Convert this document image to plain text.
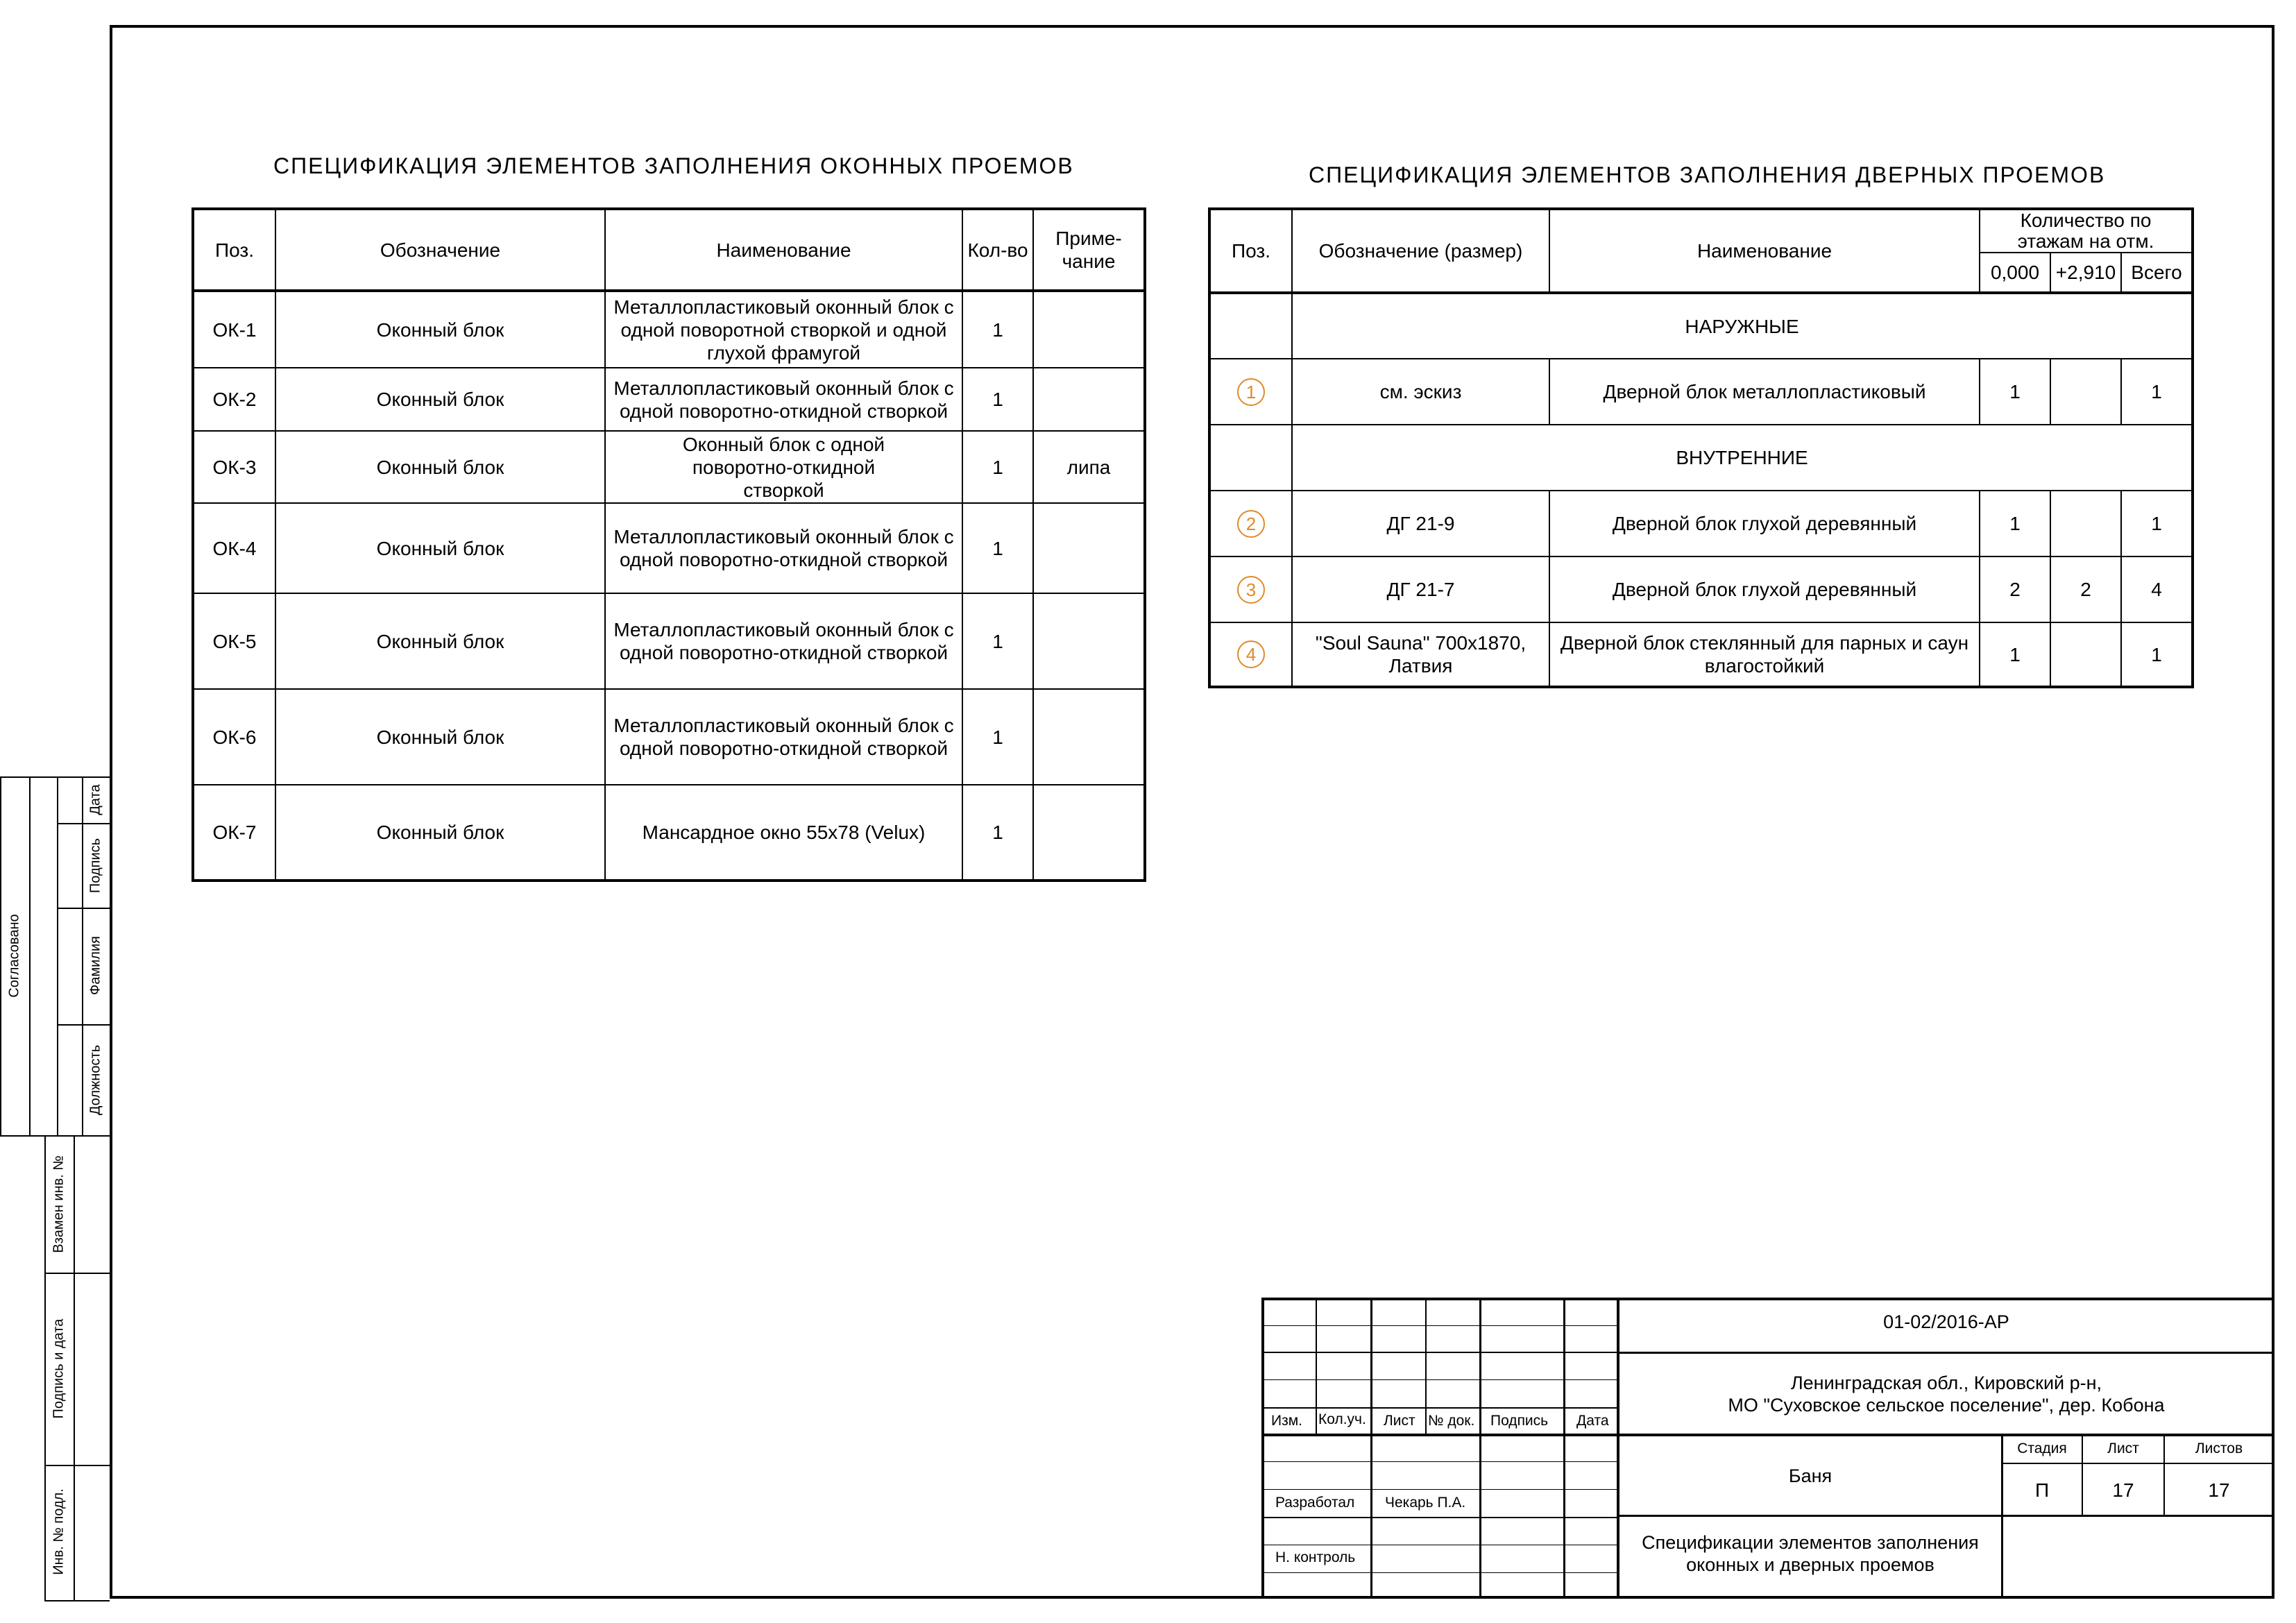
СПЕЦИФИКАЦИЯ ЭЛЕМЕНТОВ ЗАПОЛНЕНИЯ ОКОННЫХ ПРОЕМОВ
Поз.	Обозначение	Наименование	Кол-во	Приме-
чание
ОК-1	Оконный блок	Металлопластиковый оконный блок с одной поворотной створкой и одной глухой фрамугой	1	
ОК-2	Оконный блок	Металлопластиковый оконный блок с одной поворотно-откидной створкой	1	
ОК-3	Оконный блок	Оконный блок с одной поворотно-откидной створкой	1	липа
ОК-4	Оконный блок	Металлопластиковый оконный блок с одной поворотно-откидной створкой	1	
ОК-5	Оконный блок	Металлопластиковый оконный блок с одной поворотно-откидной створкой	1	
ОК-6	Оконный блок	Металлопластиковый оконный блок с одной поворотно-откидной створкой	1	
ОК-7	Оконный блок	Мансардное окно 55х78 (Velux)	1	
СПЕЦИФИКАЦИЯ ЭЛЕМЕНТОВ ЗАПОЛНЕНИЯ ДВЕРНЫХ ПРОЕМОВ
Поз.	Обозначение (размер)	Наименование	Количество по этажам на отм.		
			0,000	+2,910	Всего
	НАРУЖНЫЕ				
1	см. эскиз	Дверной блок металлопластиковый	1		1
	ВНУТРЕННИЕ				
2	ДГ 21-9	Дверной блок глухой деревянный	1		1
3	ДГ 21-7	Дверной блок глухой деревянный	2	2	4
4	"Soul Sauna" 700х1870, Латвия	Дверной блок стеклянный для парных и саун влагостойкий	1		1
Согласовано
Дата
Подпись
Фамилия
Должность
Взамен инв. №
Подпись и дата
Инв. № подл.
Изм. Кол.уч. Лист № док. Подпись Дата
Разработал Чекарь П.А.
Н. контроль
01-02/2016-АР
Ленинградская обл., Кировский р-н,
МО "Суховское сельское поселение", дер. Кобона
Баня
Спецификации элементов заполнения
оконных и дверных проемов
Стадия	Лист	Листов
П	17	17
